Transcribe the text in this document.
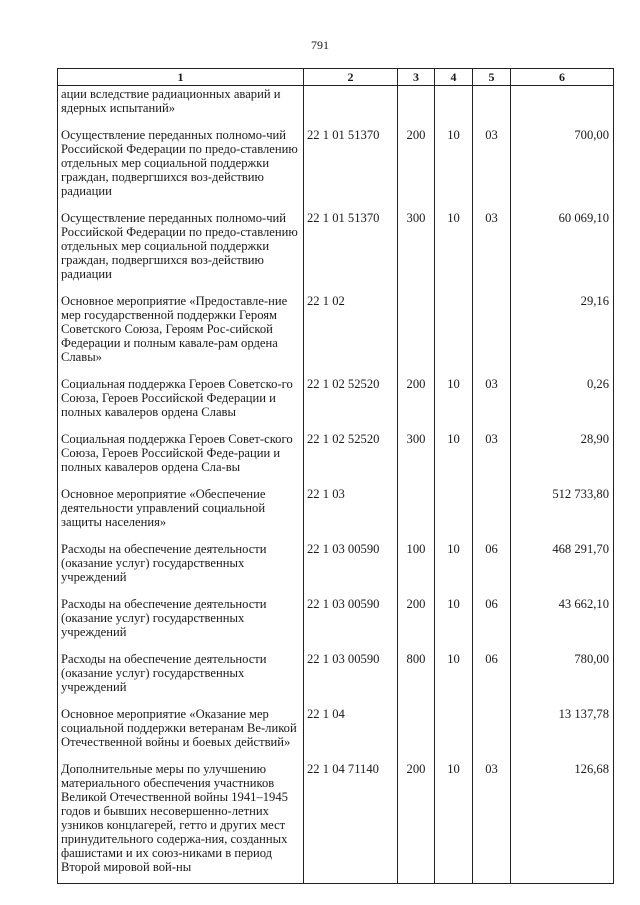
791
1	2	3	4	5	6
ации вследствие радиационных аварий и ядерных испытаний»					
Осуществление переданных полномо-чий Российской Федерации по предо-ставлению отдельных мер социальной поддержки граждан, подвергшихся воз-действию радиации	22 1 01 51370	200	10	03	700,00
Осуществление переданных полномо-чий Российской Федерации по предо-ставлению отдельных мер социальной поддержки граждан, подвергшихся воз-действию радиации	22 1 01 51370	300	10	03	60 069,10
Основное мероприятие «Предоставле-ние мер государственной поддержки Героям Советского Союза, Героям Рос-сийской Федерации и полным кавале-рам ордена Славы»	22 1 02				29,16
Социальная поддержка Героев Советско-го Союза, Героев Российской Федерации и полных кавалеров ордена Славы	22 1 02 52520	200	10	03	0,26
Социальная поддержка Героев Совет-ского Союза, Героев Российской Феде-рации и полных кавалеров ордена Сла-вы	22 1 02 52520	300	10	03	28,90
Основное мероприятие «Обеспечение деятельности управлений социальной защиты населения»	22 1 03				512 733,80
Расходы на обеспечение деятельности (оказание услуг) государственных учреждений	22 1 03 00590	100	10	06	468 291,70
Расходы на обеспечение деятельности (оказание услуг) государственных учреждений	22 1 03 00590	200	10	06	43 662,10
Расходы на обеспечение деятельности (оказание услуг) государственных учреждений	22 1 03 00590	800	10	06	780,00
Основное мероприятие «Оказание мер социальной поддержки ветеранам Ве-ликой Отечественной войны и боевых действий»	22 1 04				13 137,78
Дополнительные меры по улучшению материального обеспечения участников Великой Отечественной войны 1941–1945 годов и бывших несовершенно-летних узников концлагерей, гетто и других мест принудительного содержа-ния, созданных фашистами и их союз-никами в период Второй мировой вой-ны	22 1 04 71140	200	10	03	126,68
